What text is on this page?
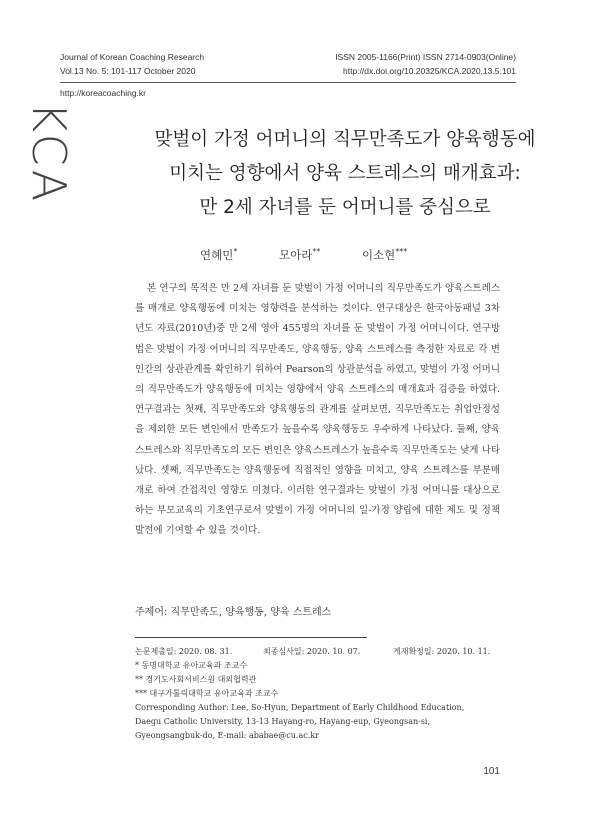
Journal of Korean Coaching Research
Vol.13 No. 5: 101-117 October 2020
ISSN 2005-1166(Print) ISSN 2714-0903(Online)
http://dx.doi.org/10.20325/KCA.2020.13.5.101
http://koreacoaching.kr
KCA	맞벌이 가정 어머니의 직무만족도가 양육행동에
미치는 영향에서 양육 스트레스의 매개효과:
만 2세 자녀를 둔 어머니를 중심으로
연혜민*	모아라**	이소현***
본 연구의 목적은 만 2세 자녀를 둔 맞벌이 가정 어머니의 직무만족도가 양육스트레스를 매개로 양육행동에 미치는 영향력을 분석하는 것이다. 연구대상은 한국아동패널 3차년도 자료(2010년)중 만 2세 영아 455명의 자녀를 둔 맞벌이 가정 어머니이다. 연구방법은 맞벌이 가정 어머니의 직무만족도, 양육행동, 양육 스트레스를 측정한 자료로 각 변인간의 상관관계를 확인하기 위하여 Pearson의 상관분석을 하였고, 맞벌이 가정 어머니의 직무만족도가 양육행동에 미치는 영향에서 양육 스트레스의 매개효과 검증을 하였다. 연구결과는 첫째, 직무만족도와 양육행동의 관계를 살펴보면, 직무만족도는 취업안정성을 제외한 모든 변인에서 만족도가 높을수록 양육행동도 우수하게 나타났다. 둘째, 양육 스트레스와 직무만족도의 모든 변인은 양육스트레스가 높을수록 직무만족도는 낮게 나타났다. 셋째, 직무만족도는 양육행동에 직접적인 영향을 미치고, 양육 스트레스를 부분매개로 하여 간접적인 영향도 미쳤다. 이러한 연구결과는 맞벌이 가정 어머니를 대상으로 하는 부모교육의 기초연구로서 맞벌이 가정 어머니의 일-가정 양립에 대한 제도 및 정책 발전에 기여할 수 있을 것이다.
주제어: 직무만족도, 양육행동, 양육 스트레스
논문제출일: 2020. 08. 31.	최종심사일: 2020. 10. 07.	게재확정일: 2020. 10. 11.
* 동명대학교 유아교육과 조교수
** 경기도사회서비스원 대외협력관
*** 대구가톨릭대학교 유아교육과 조교수
Corresponding Author: Lee, So-Hyun, Department of Early Childhood Education,
Daegu Catholic University, 13-13 Hayang-ro, Hayang-eup, Gyeongsan-si,
Gyeongsangbuk-do, E-mail: ababae@cu.ac.kr
101
